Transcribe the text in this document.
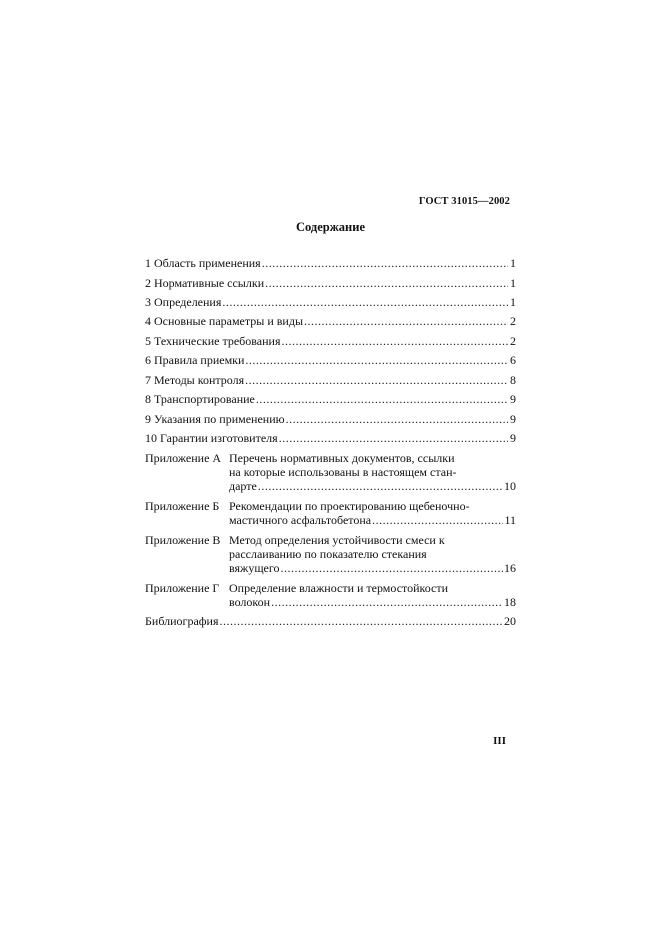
ГОСТ 31015—2002
Содержание
1 Область применения .....	1
2 Нормативные ссылки .....	1
3 Определения .....	1
4 Основные параметры и виды .....	2
5 Технические требования .....	2
6 Правила приемки .....	6
7 Методы контроля .....	8
8 Транспортирование .....	9
9 Указания по применению .....	9
10 Гарантии изготовителя .....	9
Приложение А Перечень нормативных документов, ссылки
на которые использованы в настоящем стан-
дарте .....	10
Приложение Б Рекомендации по проектированию щебеночно-
мастичного асфальтобетона .....	11
Приложение В Метод определения устойчивости смеси к
расслаиванию по показателю стекания
вяжущего .....	16
Приложение Г Определение влажности и термостойкости
волокон .....	18
Библиография .....	20
III
